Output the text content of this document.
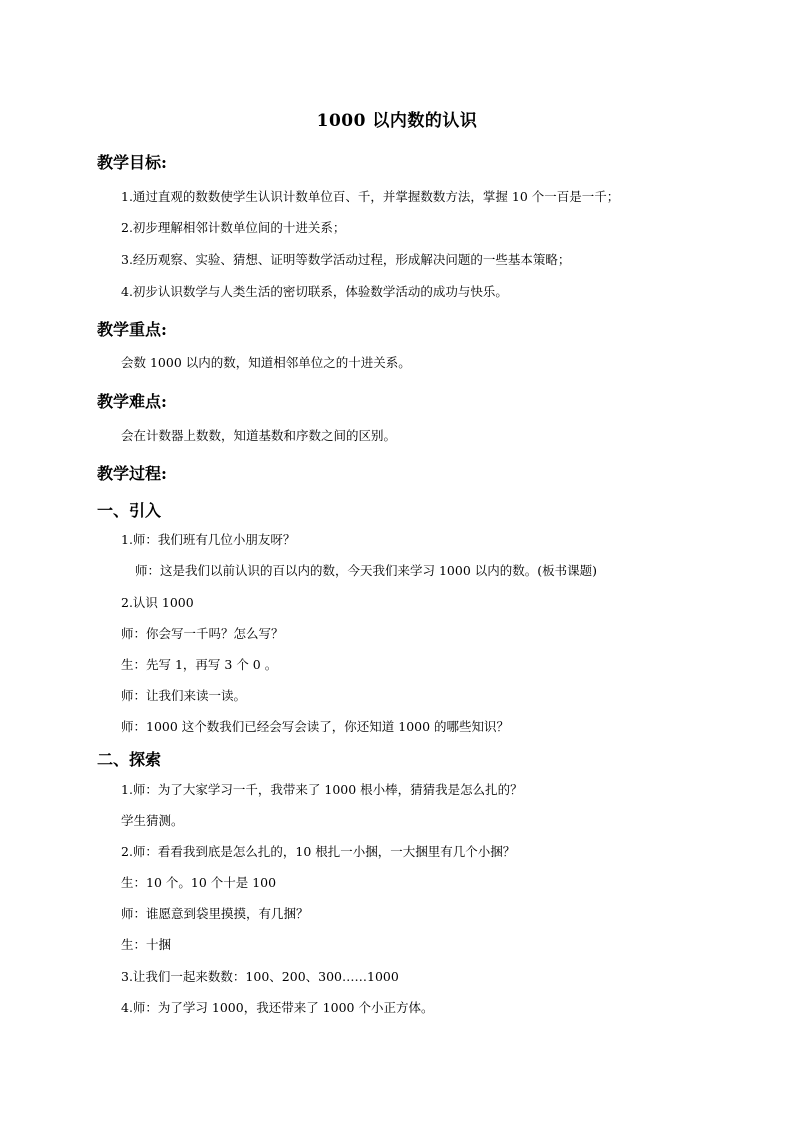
1000 以内数的认识
教学目标:
1.通过直观的数数使学生认识计数单位百、千，并掌握数数方法，掌握 10 个一百是一千；
2.初步理解相邻计数单位间的十进关系；
3.经历观察、实验、猜想、证明等数学活动过程，形成解决问题的一些基本策略；
4.初步认识数学与人类生活的密切联系，体验数学活动的成功与快乐。
教学重点:
会数 1000 以内的数，知道相邻单位之的十进关系。
教学难点:
会在计数器上数数，知道基数和序数之间的区别。
教学过程:
一、引入
1.师：我们班有几位小朋友呀？
师：这是我们以前认识的百以内的数，今天我们来学习 1000 以内的数。(板书课题)
2.认识 1000
师：你会写一千吗？怎么写？
生：先写 1，再写 3 个 0 。
师：让我们来读一读。
师：1000 这个数我们已经会写会读了，你还知道 1000 的哪些知识？
二、探索
1.师：为了大家学习一千，我带来了 1000 根小棒，猜猜我是怎么扎的？
学生猜测。
2.师：看看我到底是怎么扎的，10 根扎一小捆，一大捆里有几个小捆？
生：10 个。10 个十是 100
师：谁愿意到袋里摸摸，有几捆？
生：十捆
3.让我们一起来数数：100、200、300……1000
4.师：为了学习 1000，我还带来了 1000 个小正方体。
